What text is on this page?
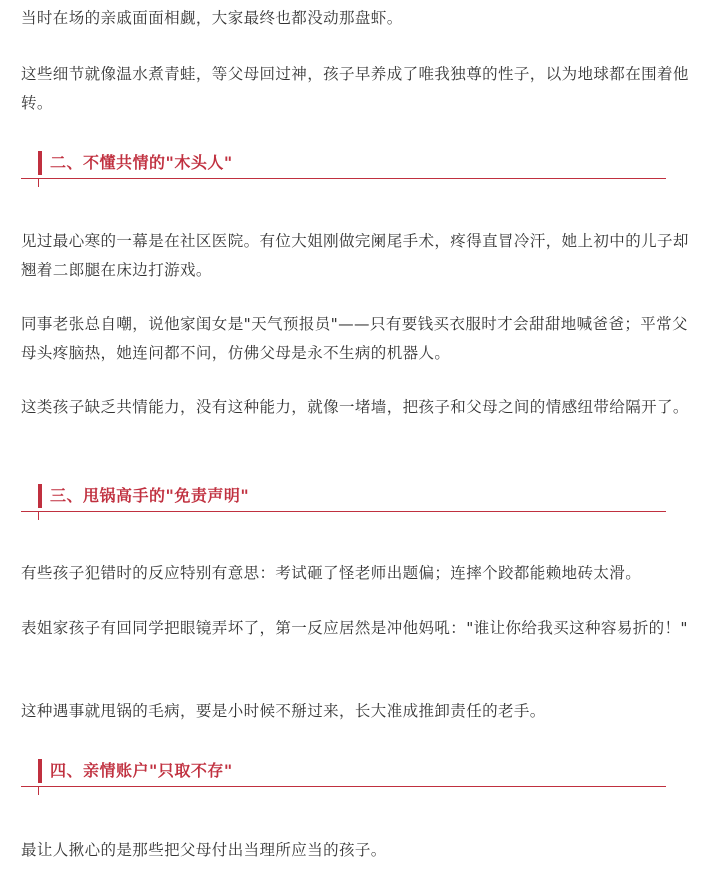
当时在场的亲戚面面相觑，大家最终也都没动那盘虾。

这些细节就像温水煮青蛙，等父母回过神，孩子早养成了唯我独尊的性子，以为地球都在围着他转。

二、不懂共情的"木头人"

见过最心寒的一幕是在社区医院。有位大姐刚做完阑尾手术，疼得直冒冷汗，她上初中的儿子却翘着二郎腿在床边打游戏。

同事老张总自嘲，说他家闺女是"天气预报员"——只有要钱买衣服时才会甜甜地喊爸爸；平常父母头疼脑热，她连问都不问，仿佛父母是永不生病的机器人。

这类孩子缺乏共情能力，没有这种能力，就像一堵墙，把孩子和父母之间的情感纽带给隔开了。

三、甩锅高手的"免责声明"

有些孩子犯错时的反应特别有意思：考试砸了怪老师出题偏；连摔个跤都能赖地砖太滑。

表姐家孩子有回同学把眼镜弄坏了，第一反应居然是冲他妈吼："谁让你给我买这种容易折的！"

这种遇事就甩锅的毛病，要是小时候不掰过来，长大准成推卸责任的老手。

四、亲情账户"只取不存"

最让人揪心的是那些把父母付出当理所应当的孩子。
